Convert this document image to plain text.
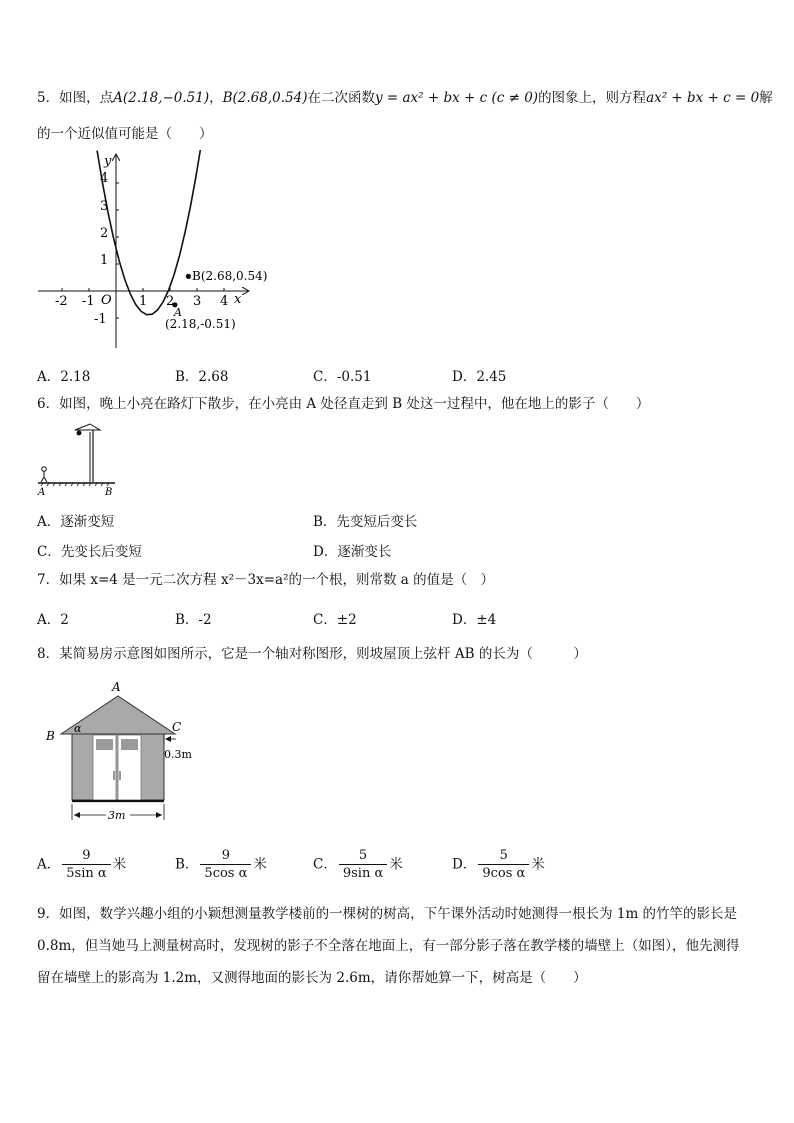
5．如图，点A(2.18,−0.51)，B(2.68,0.54)在二次函数y = ax² + bx + c (c ≠ 0)的图象上，则方程ax² + bx + c = 0解
的一个近似值可能是（　　）
y
x
O
-2 -1	1 2 3 4
4
3
2
1
-1
B(2.68,0.54)
A
(2.18,-0.51)
A．2.18	B．2.68	C．-0.51	D．2.45
6．如图，晚上小亮在路灯下散步，在小亮由 A 处径直走到 B 处这一过程中，他在地上的影子（　　）
A	B
A．逐渐变短	B．先变短后变长
C．先变长后变短	D．逐渐变长
7．如果 x=4 是一元二次方程 x²－3x=a²的一个根，则常数 a 的值是（　）
A．2	B．-2	C．±2	D．±4
8．某简易房示意图如图所示，它是一个轴对称图形，则坡屋顶上弦杆 AB 的长为（　　　）
3m
0.3m
A
B
C
α
A． $\frac{9}{\text{5sin α}}$ 米	B． $\frac{9}{\text{5cos α}}$ 米	C． $\frac{5}{\text{9sin α}}$ 米	D． $\frac{5}{\text{9cos α}}$ 米
9．如图，数学兴趣小组的小颖想测量教学楼前的一棵树的树高，下午课外活动时她测得一根长为 1m 的竹竿的影长是
0.8m，但当她马上测量树高时，发现树的影子不全落在地面上，有一部分影子落在教学楼的墙壁上（如图），他先测得
留在墙壁上的影高为 1.2m，又测得地面的影长为 2.6m，请你帮她算一下，树高是（　　）
